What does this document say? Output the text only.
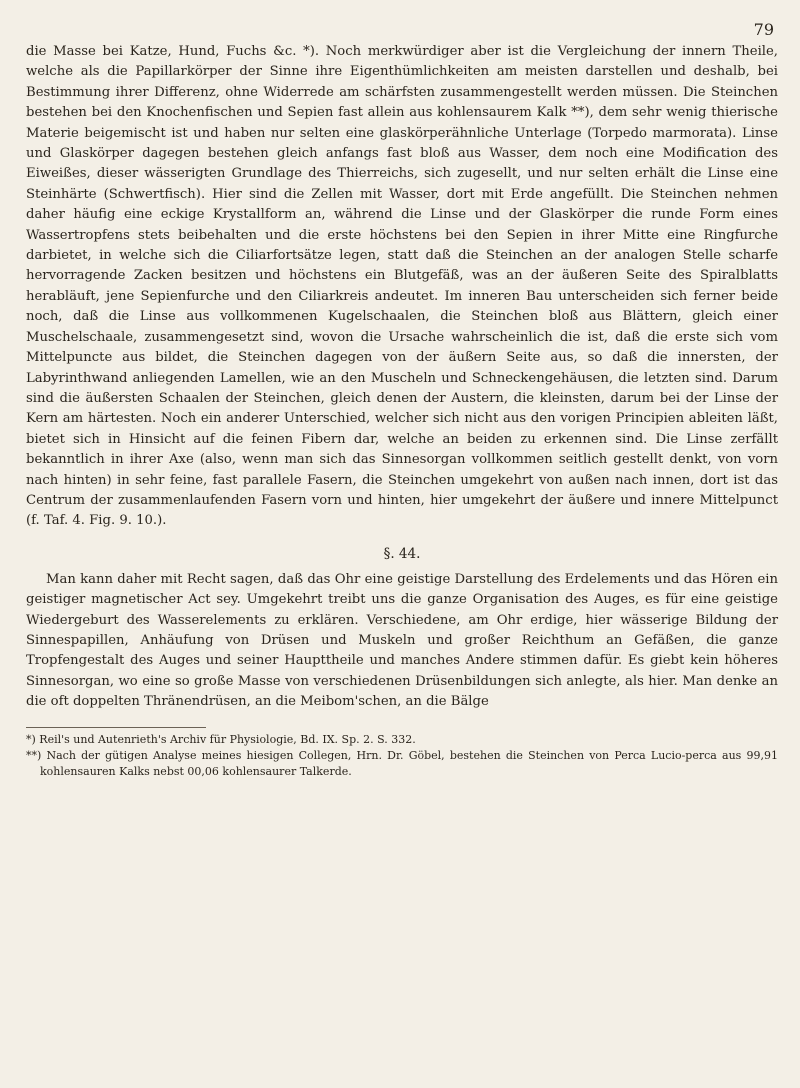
79

die Masse bei Katze, Hund, Fuchs &c. *). Noch merkwürdiger aber ist die Vergleichung der innern Theile, welche als die Papillarkörper der Sinne ihre Eigenthümlichkeiten am meisten darstellen und deshalb, bei Bestimmung ihrer Differenz, ohne Widerrede am schärfsten zusammengestellt werden müssen. Die Steinchen bestehen bei den Knochenfischen und Sepien fast allein aus kohlensaurem Kalk **), dem sehr wenig thierische Materie beigemischt ist und haben nur selten eine glaskörperähnliche Unterlage (Torpedo marmorata). Linse und Glaskörper dagegen bestehen gleich anfangs fast bloß aus Wasser, dem noch eine Modification des Eiweißes, dieser wässerigten Grundlage des Thierreichs, sich zugesellt, und nur selten erhält die Linse eine Steinhärte (Schwertfisch). Hier sind die Zellen mit Wasser, dort mit Erde angefüllt. Die Steinchen nehmen daher häufig eine eckige Krystallform an, während die Linse und der Glaskörper die runde Form eines Wassertropfens stets beibehalten und die erste höchstens bei den Sepien in ihrer Mitte eine Ringfurche darbietet, in welche sich die Ciliarfortsätze legen, statt daß die Steinchen an der analogen Stelle scharfe hervorragende Zacken besitzen und höchstens ein Blutgefäß, was an der äußeren Seite des Spiralblatts herabläuft, jene Sepienfurche und den Ciliarkreis andeutet. Im inneren Bau unterscheiden sich ferner beide noch, daß die Linse aus vollkommenen Kugelschaalen, die Steinchen bloß aus Blättern, gleich einer Muschelschaale, zusammengesetzt sind, wovon die Ursache wahrscheinlich die ist, daß die erste sich vom Mittelpuncte aus bildet, die Steinchen dagegen von der äußern Seite aus, so daß die innersten, der Labyrinthwand anliegenden Lamellen, wie an den Muscheln und Schneckengehäusen, die letzten sind. Darum sind die äußersten Schaalen der Steinchen, gleich denen der Austern, die kleinsten, darum bei der Linse der Kern am härtesten. Noch ein anderer Unterschied, welcher sich nicht aus den vorigen Principien ableiten läßt, bietet sich in Hinsicht auf die feinen Fibern dar, welche an beiden zu erkennen sind. Die Linse zerfällt bekanntlich in ihrer Axe (also, wenn man sich das Sinnesorgan vollkommen seitlich gestellt denkt, von vorn nach hinten) in sehr feine, fast parallele Fasern, die Steinchen umgekehrt von außen nach innen, dort ist das Centrum der zusammenlaufenden Fasern vorn und hinten, hier umgekehrt der äußere und innere Mittelpunct (f. Taf. 4. Fig. 9. 10.).

§. 44.

Man kann daher mit Recht sagen, daß das Ohr eine geistige Darstellung des Erdelements und das Hören ein geistiger magnetischer Act sey. Umgekehrt treibt uns die ganze Organisation des Auges, es für eine geistige Wiedergeburt des Wasserelements zu erklären. Verschiedene, am Ohr erdige, hier wässerige Bildung der Sinnespapillen, Anhäufung von Drüsen und Muskeln und großer Reichthum an Gefäßen, die ganze Tropfengestalt des Auges und seiner Haupttheile und manches Andere stimmen dafür. Es giebt kein höheres Sinnesorgan, wo eine so große Masse von verschiedenen Drüsenbildungen sich anlegte, als hier. Man denke an die oft doppelten Thränendrüsen, an die Meibom'schen, an die Bälge

*) Reil's und Autenrieth's Archiv für Physiologie, Bd. IX. Sp. 2. S. 332.

**) Nach der gütigen Analyse meines hiesigen Collegen, Hrn. Dr. Göbel, bestehen die Steinchen von Perca Lucio-perca aus 99,91 kohlensauren Kalks nebst 00,06 kohlensaurer Talkerde.
